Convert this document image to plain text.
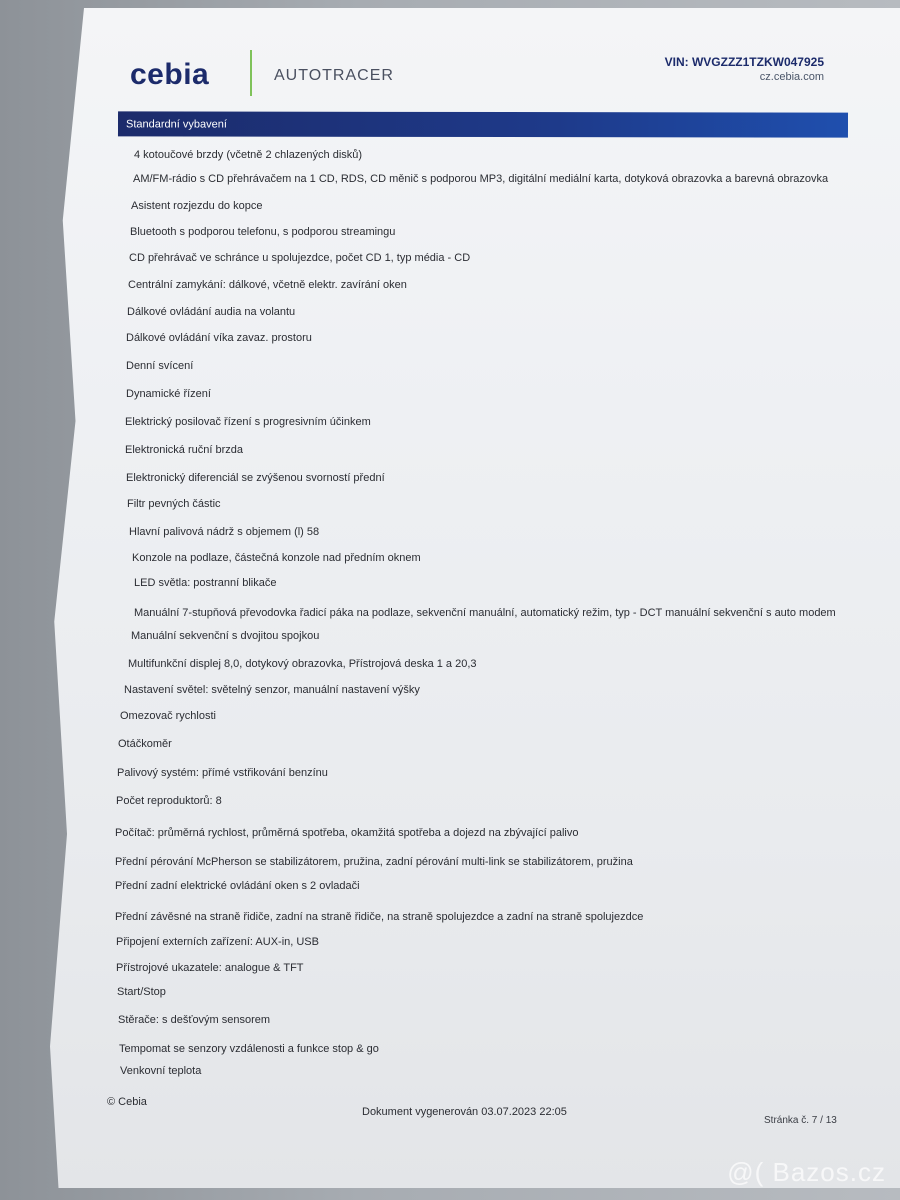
cebia	AUTOTRACER
VIN: WVGZZZ1TZKW047925
cz.cebia.com
Standardní vybavení
4 kotoučové brzdy (včetně 2 chlazených disků)
AM/FM-rádio s CD přehrávačem na 1 CD, RDS, CD měnič s podporou MP3, digitální mediální karta, dotyková obrazovka a barevná obrazovka
Asistent rozjezdu do kopce
Bluetooth s podporou telefonu, s podporou streamingu
CD přehrávač ve schránce u spolujezdce, počet CD 1, typ média - CD
Centrální zamykání: dálkové, včetně elektr. zavírání oken
Dálkové ovládání audia na volantu
Dálkové ovládání víka zavaz. prostoru
Denní svícení
Dynamické řízení
Elektrický posilovač řízení s progresivním účinkem
Elektronická ruční brzda
Elektronický diferenciál se zvýšenou svorností přední
Filtr pevných částic
Hlavní palivová nádrž s objemem (l) 58
Konzole na podlaze, částečná konzole nad předním oknem
LED světla: postranní blikače
Manuální 7-stupňová převodovka řadicí páka na podlaze, sekvenční manuální, automatický režim, typ - DCT manuální sekvenční s auto modem
Manuální sekvenční s dvojitou spojkou
Multifunkční displej 8,0, dotykový obrazovka, Přístrojová deska 1 a 20,3
Nastavení světel: světelný senzor, manuální nastavení výšky
Omezovač rychlosti
Otáčkoměr
Palivový systém: přímé vstřikování benzínu
Počet reproduktorů: 8
Počítač: průměrná rychlost, průměrná spotřeba, okamžitá spotřeba a dojezd na zbývající palivo
Přední pérování McPherson se stabilizátorem, pružina, zadní pérování multi-link se stabilizátorem, pružina
Přední zadní elektrické ovládání oken s 2 ovladači
Přední závěsné na straně řidiče, zadní na straně řidiče, na straně spolujezdce a zadní na straně spolujezdce
Připojení externích zařízení: AUX-in, USB
Přístrojové ukazatele: analogue & TFT
Start/Stop
Stěrače: s dešťovým sensorem
Tempomat se senzory vzdálenosti a funkce stop & go
Venkovní teplota
© Cebia
Dokument vygenerován 03.07.2023 22:05
Stránka č. 7 / 13
@( Bazos.cz
